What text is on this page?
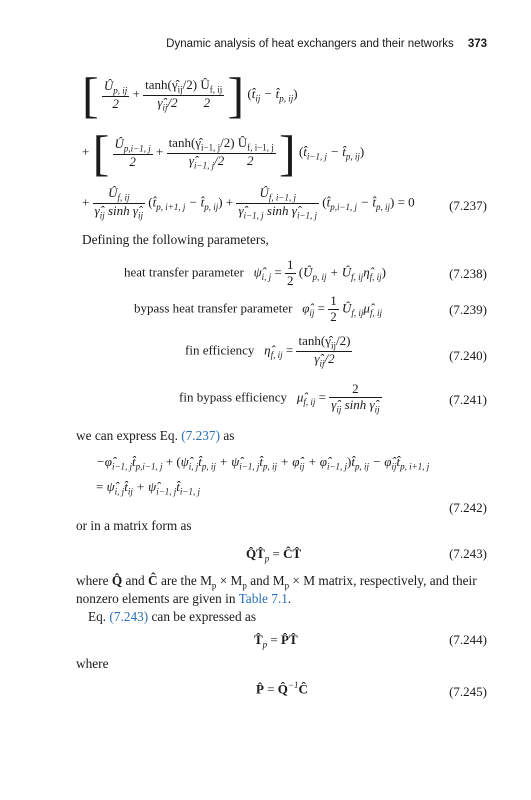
Dynamic analysis of heat exchangers and their networks 373
[ $\frac{Û_{p, ij}}{2} + \frac{\tanh(\gammâ_{ij}/2) Û_{f, ij}}{\gammâ_{ij}/2 2}$ ] ($t̂_{ij}$ − $t̂_{p, ij}$)
+ [ $\frac{Û_{p,i-1, j}}{2} + \frac{\tanh(\gammâ_{i-1, j}/2) Û_{f, i-1, j}}{\gammâ_{i-1, j}/2 2}$ ] ($t̂_{i-1, j}$ − $t̂_{p, ij}$)
+ $\frac{Û_{f, ij}}{\gammâ_{ij} \sinh \gammâ_{ij}}$ ($t̂_{p, i+1, j}$ − $t̂_{p, ij}) + \frac{Û_{f, i-1, j}}{\gammâ_{i-1, j} \sinh \gammâ_{i-1, j}}$ ($t̂_{p,i-1, j}$ − $t̂_{p, ij}) = 0$	(7.237)
Defining the following parameters,
heat transfer parameter   $\psî_{i, j} = \frac{1}{2}$ ($Û_{p, ij}$ + $Û_{f, ij}\etâ_{f, ij}$)	(7.238)
bypass heat transfer parameter   $\varphî_{ij} = \frac{1}{2}$ $Û_{f, ij}\mû_{f, ij}$	(7.239)
fin efficiency   $\etâ_{f, ij} = \frac{\tanh(\gammâ_{ij}/2)}{\gammâ_{ij}/2}$	(7.240)
fin bypass efficiency   $\mû_{f, ij} = \frac{2}{\gammâ_{ij} \sinh \gammâ_{ij}}$	(7.241)
we can express Eq. (7.237) as
$-\varphî_{i-1, j}t̂_{p,i-1, j}$ + ($\psî_{i, j}t̂_{p, ij}$ + $\psî_{i-1, j}t̂_{p, ij}$ + $\varphî_{ij}$ + $\varphî_{i-1, j})t̂_{p, ij}$ − $\varphî_{ij}t̂_{p, i+1, j}$
= $\psî_{i, j}t̂_{ij}$ + $\psî_{i-1, j}t̂_{i-1, j}$
(7.242)
or in a matrix form as
$Q̂T̂_p$ = ĈT̂	(7.243)
where Q̂ and Ĉ are the $M_p \times M_p$ and $M_p \times M$ matrix, respectively, and their
nonzero elements are given in Table 7.1.
Eq. (7.243) can be expressed as
$T̂_p$ = P̂T̂	(7.244)
where
P̂ = Q̂$^{-1}$Ĉ	(7.245)
